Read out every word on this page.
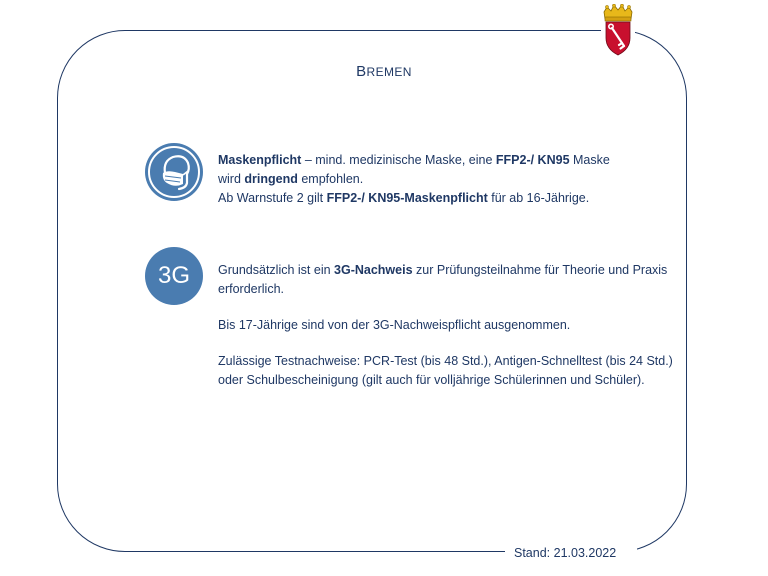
Stand: 21.03.2022
BREMEN
Maskenpflicht – mind. medizinische Maske, eine FFP2-/ KN95 Maske
wird dringend empfohlen.
Ab Warnstufe 2 gilt FFP2-/ KN95-Maskenpflicht für ab 16-Jährige.
3G	Grundsätzlich ist ein 3G-Nachweis zur Prüfungsteilnahme für Theorie und Praxis erforderlich.

Bis 17-Jährige sind von der 3G-Nachweispflicht ausgenommen.

Zulässige Testnachweise: PCR-Test (bis 48 Std.), Antigen-Schnelltest (bis 24 Std.) oder Schulbescheinigung (gilt auch für volljährige Schülerinnen und Schüler).
